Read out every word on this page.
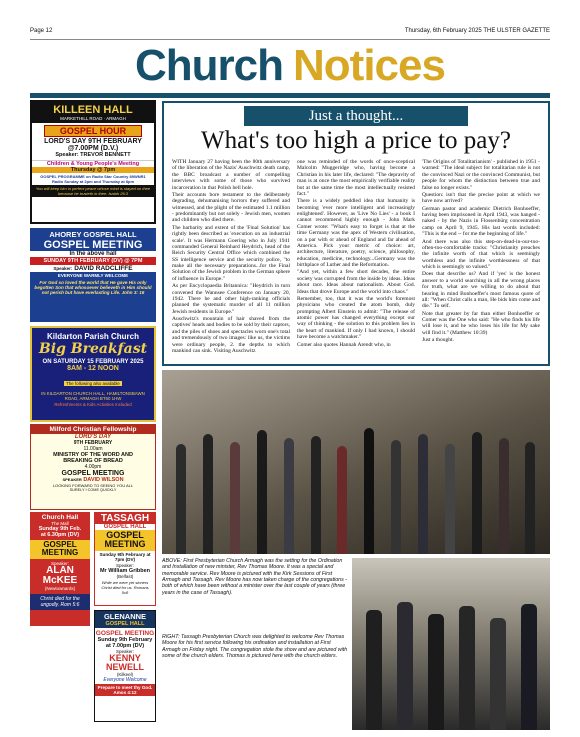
Page 12	Thursday, 6th February 2025 THE ULSTER GAZETTE
Church Notices
KILLEEN HALL
MARKETHILL ROAD · ARMAGH
GOSPEL HOUR
LORD'S DAY 9TH FEBRUARY
@7.00PM (D.V.)
Speaker: TREVOR BENNETT
Children & Young People's Meeting
Thursday @ 7pm
GOSPEL PROGRAMME on Radio Star Country 89WNR1 Radio Sunday at 2pm and Thursday at 8pm
You will keep him in perfect peace whose mind is stayed on thee because he trusteth in thee. Isaiah 26:3
AHOREY GOSPEL HALL
GOSPEL MEETING
In the above hall
SUNDAY 9TH FEBRUARY (DV) @ 7PM
Speaker: DAVID RADCLIFFE
EVERYONE WARMLY WELCOME
For God so loved the world that He gave His only begotten Son that whosoever believeth in Him should not perish but have everlasting Life. John 3: 16
Kildarton Parish Church
Big Breakfast
ON SATURDAY 15 FEBRUARY 2025
8AM - 12 NOON
The following also available
IN KILDARTON CHURCH HALL, HAMILTONSBAWN ROAD, ARMAGH BT60 1HW
Refreshments & Kids Activities Included
Milford Christian Fellowship
LORD'S DAY
9TH FEBRUARY
11.00am
MINISTRY OF THE WORD AND BREAKING OF BREAD
4.00pm
GOSPEL MEETING
SPEAKER DAVID WILSON
LOOKING FORWARD TO SEEING YOU ALL
SURELY I COME QUICKLY
Church Hall
The Mall
Sunday 9th Feb.
at 6.30pm (DV)
GOSPEL MEETING
Speaker:
ALAN
McKEE
(Newtownards)
Christ died for the ungodly. Rom 5:6
TASSAGH
GOSPEL HALL
GOSPEL MEETING
Sunday 9th February at 7pm (DV)
Speaker:
Mr William Gribben
(Belfast)
While we were yet sinners Christ died for us. Romans 5v8
GLENANNE
GOSPEL HALL
GOSPEL MEETING
Sunday 9th February
at 7.00pm (DV)
Speaker:
KENNY
NEWELL
(Kilkeel)
Everyone Welcome
Prepare to meet thy God. Amos 4:12
Just a thought...
What's too high a price to pay?

WITH January 27 having been the 80th anniversary of the liberation of the Nazis' Auschwitz death camp, the BBC broadcast a number of compelling interviews with some of those who survived incarceration in that Polish hell hole.

Their accounts bore testament to the deliberately degrading, dehumanising horrors they suffered and witnessed, and the plight of the estimated 1.1 million - predominantly but not solely - Jewish men, women and children who died there.

The barbarity and extent of the 'Final Solution' has rightly been described as 'execution on an industrial scale'. It was Hermann Goering who in July 1941 commanded General Reinhard Heydrich, head of the Reich Security Central Office which combined the SS intelligence service and the security police, "to make all the necessary preparations...for the Final Solution of the Jewish problem in the German sphere of influence in Europe."

As per Encyclopaedia Britannica: "Heydrich in turn convened the Wannsee Conference on January 20, 1942. There he and other high-ranking officials planned the systematic murder of all 11 million Jewish residents in Europe."

Auschwitz's mountain of hair shaved from the captives' heads and bodies to be sold by their captors, and the piles of shoes and spectacles worn one's total and tremendously of two images: like us, the victims were ordinary people, 2. the depths to which mankind can sink. Visiting Auschwitz

one was reminded of the words of once-sceptical Malcolm Muggeridge who, having become a Christian in his later life, declared: "The depravity of man is at once the most empirically verifiable reality but at the same time the most intellectually resisted fact."

There is a widely peddled idea that humanity is becoming 'ever more intelligent and increasingly enlightened'. However, as 'Live No Lies' - a book I cannot recommend highly enough - John Mark Comer wrote: "What's easy to forget is that at the time Germany was the apex of Western civilisation, on a par with or ahead of England and far ahead of America. Pick your metric of choice: art, architecture, literature, poetry, science, philosophy, education, medicine, technology...Germany was the birthplace of Luther and the Reformation.

"And yet, within a few short decades, the entire society was corrupted from the inside by ideas. Ideas about race. Ideas about nationalism. About God. Ideas that drove Europe and the world into chaos."

Remember, too, that it was the world's foremost physicians who created the atom bomb, duly prompting Albert Einstein to admit: "The release of atomic power has changed everything except our way of thinking - the solution to this problem lies in the heart of mankind. If only I had known, I should have become a watchmaker."

Comer also quotes Hannah Arendt who, in

'The Origins of Totalitarianism' - published in 1951 - warned: "The ideal subject for totalitarian rule is not the convinced Nazi or the convinced Communist, but people for whom the distinction between true and false no longer exists."

Question: isn't that the precise point at which we have now arrived?

German pastor and academic Dietrich Bonhoeffer, having been imprisoned in April 1943, was hanged - naked - by the Nazis in Flossenbürg concentration camp on April 9, 1945. His last words included: "This is the end -- for me the beginning of life."

And there was also this step-on-dead-in-our-too-often-too-comfortable tracks: "Christianity preaches the infinite worth of that which is seemingly worthless and the infinite worthlessness of that which is seemingly so valued."

Does that describe us? And if 'yes' is the honest answer to a world searching in all the wrong places for truth, what are we willing to do about that hearing in mind Bonhoeffer's most famous quote of all: "When Christ calls a man, He bids him come and die." To self.

Note that greater by far than either Bonhoeffer or Comer was the One who said: "He who finds his life will lose it, and he who loses his life for My sake will find it." (Matthew 10:39)

Just a thought.

ABOVE: First Presbyterian Church Armagh was the setting for the Ordination and Installation of new minister, Rev Thomas Moore. It was a special and memorable service. Rev Moore is pictured with the Kirk Sessions of First Armagh and Tassagh. Rev Moore has now taken charge of the congregations - both of which have been without a minister over the last couple of years (three years in the case of Tassagh).
RIGHT: Tassagh Presbyterian Church was delighted to welcome Rev Thomas Moore for his first service following his ordination and installation at First Armagh on Friday night. The congregation stole the show and are pictured with some of the church elders. Thomas is pictured here with the church elders.
